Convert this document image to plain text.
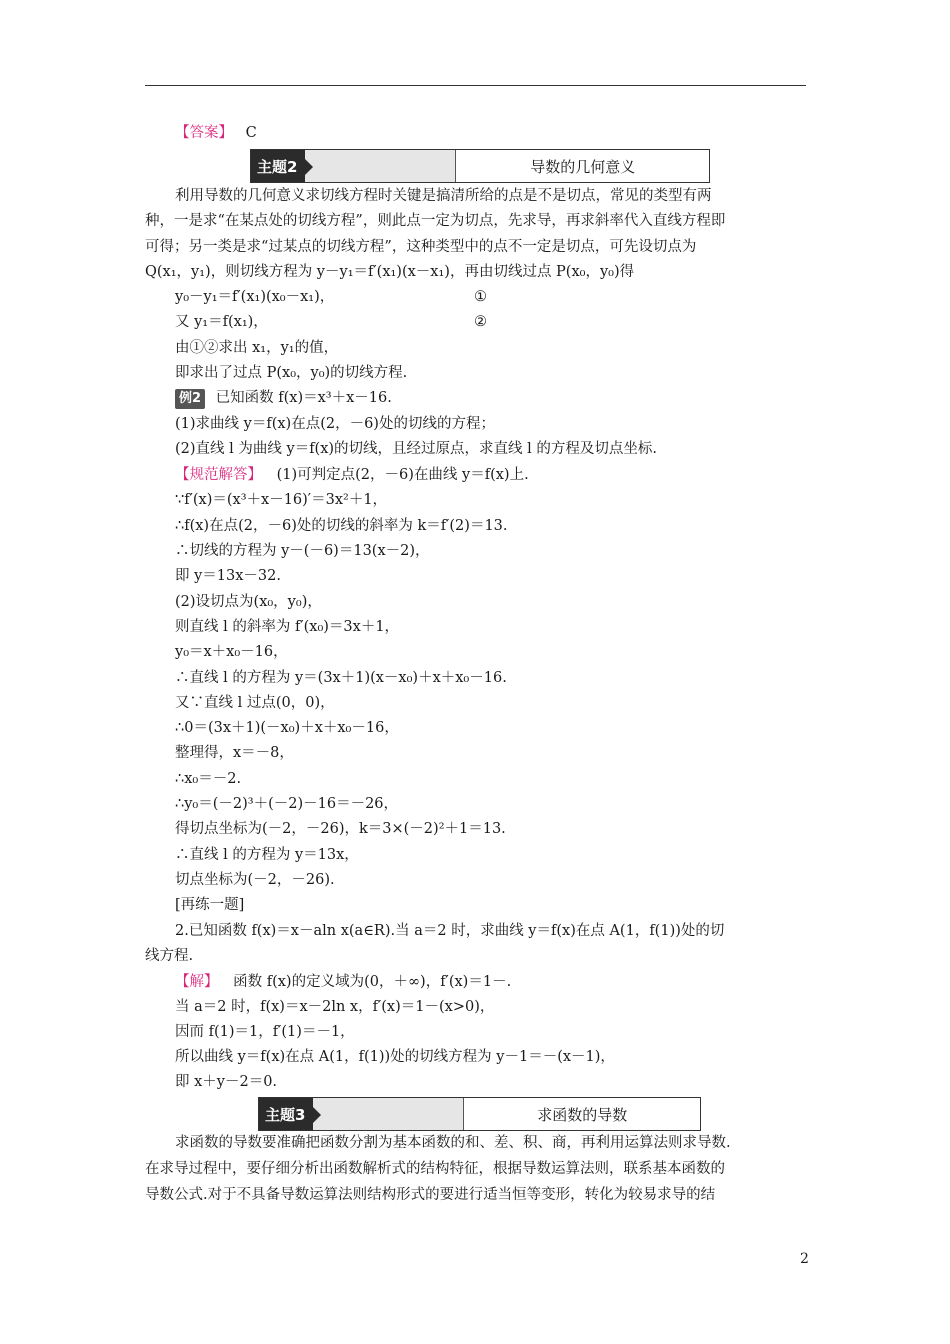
【答案】 C
主题2	导数的几何意义
利用导数的几何意义求切线方程时关键是搞清所给的点是不是切点，常见的类型有两
种，一是求“在某点处的切线方程”，则此点一定为切点，先求导，再求斜率代入直线方程即
可得；另一类是求“过某点的切线方程”，这种类型中的点不一定是切点，可先设切点为
Q(x₁，y₁)，则切线方程为 y－y₁＝f′(x₁)(x－x₁)，再由切线过点 P(x₀，y₀)得
y₀－y₁＝f′(x₁)(x₀－x₁)，	①
又 y₁＝f(x₁)，	②
由①②求出 x₁，y₁的值，
即求出了过点 P(x₀，y₀)的切线方程.
例2 已知函数 f(x)＝x³＋x－16.
(1)求曲线 y＝f(x)在点(2，－6)处的切线的方程；
(2)直线 l 为曲线 y＝f(x)的切线，且经过原点，求直线 l 的方程及切点坐标.
【规范解答】 (1)可判定点(2，－6)在曲线 y＝f(x)上.
∵f′(x)＝(x³＋x－16)′＝3x²＋1，
∴f(x)在点(2，－6)处的切线的斜率为 k＝f′(2)＝13.
∴切线的方程为 y－(－6)＝13(x－2)，
即 y＝13x－32.
(2)设切点为(x₀，y₀)，
则直线 l 的斜率为 f′(x₀)＝3x＋1，
y₀＝x＋x₀－16，
∴直线 l 的方程为 y＝(3x＋1)(x－x₀)＋x＋x₀－16.
又∵直线 l 过点(0，0)，
∴0＝(3x＋1)(－x₀)＋x＋x₀－16，
整理得，x＝－8，
∴x₀＝－2.
∴y₀＝(－2)³＋(－2)－16＝－26，
得切点坐标为(－2，－26)，k＝3×(－2)²＋1＝13.
∴直线 l 的方程为 y＝13x，
切点坐标为(－2，－26).
[再练一题]
2.已知函数 f(x)＝x－aln x(a∈R).当 a＝2 时，求曲线 y＝f(x)在点 A(1，f(1))处的切
线方程.
【解】 函数 f(x)的定义域为(0，＋∞)，f′(x)＝1－.
当 a＝2 时，f(x)＝x－2ln x，f′(x)＝1－(x>0)，
因而 f(1)＝1，f′(1)＝－1，
所以曲线 y＝f(x)在点 A(1，f(1))处的切线方程为 y－1＝－(x－1)，
即 x＋y－2＝0.
主题3	求函数的导数
求函数的导数要准确把函数分割为基本函数的和、差、积、商，再利用运算法则求导数.
在求导过程中，要仔细分析出函数解析式的结构特征，根据导数运算法则，联系基本函数的
导数公式.对于不具备导数运算法则结构形式的要进行适当恒等变形，转化为较易求导的结
2
